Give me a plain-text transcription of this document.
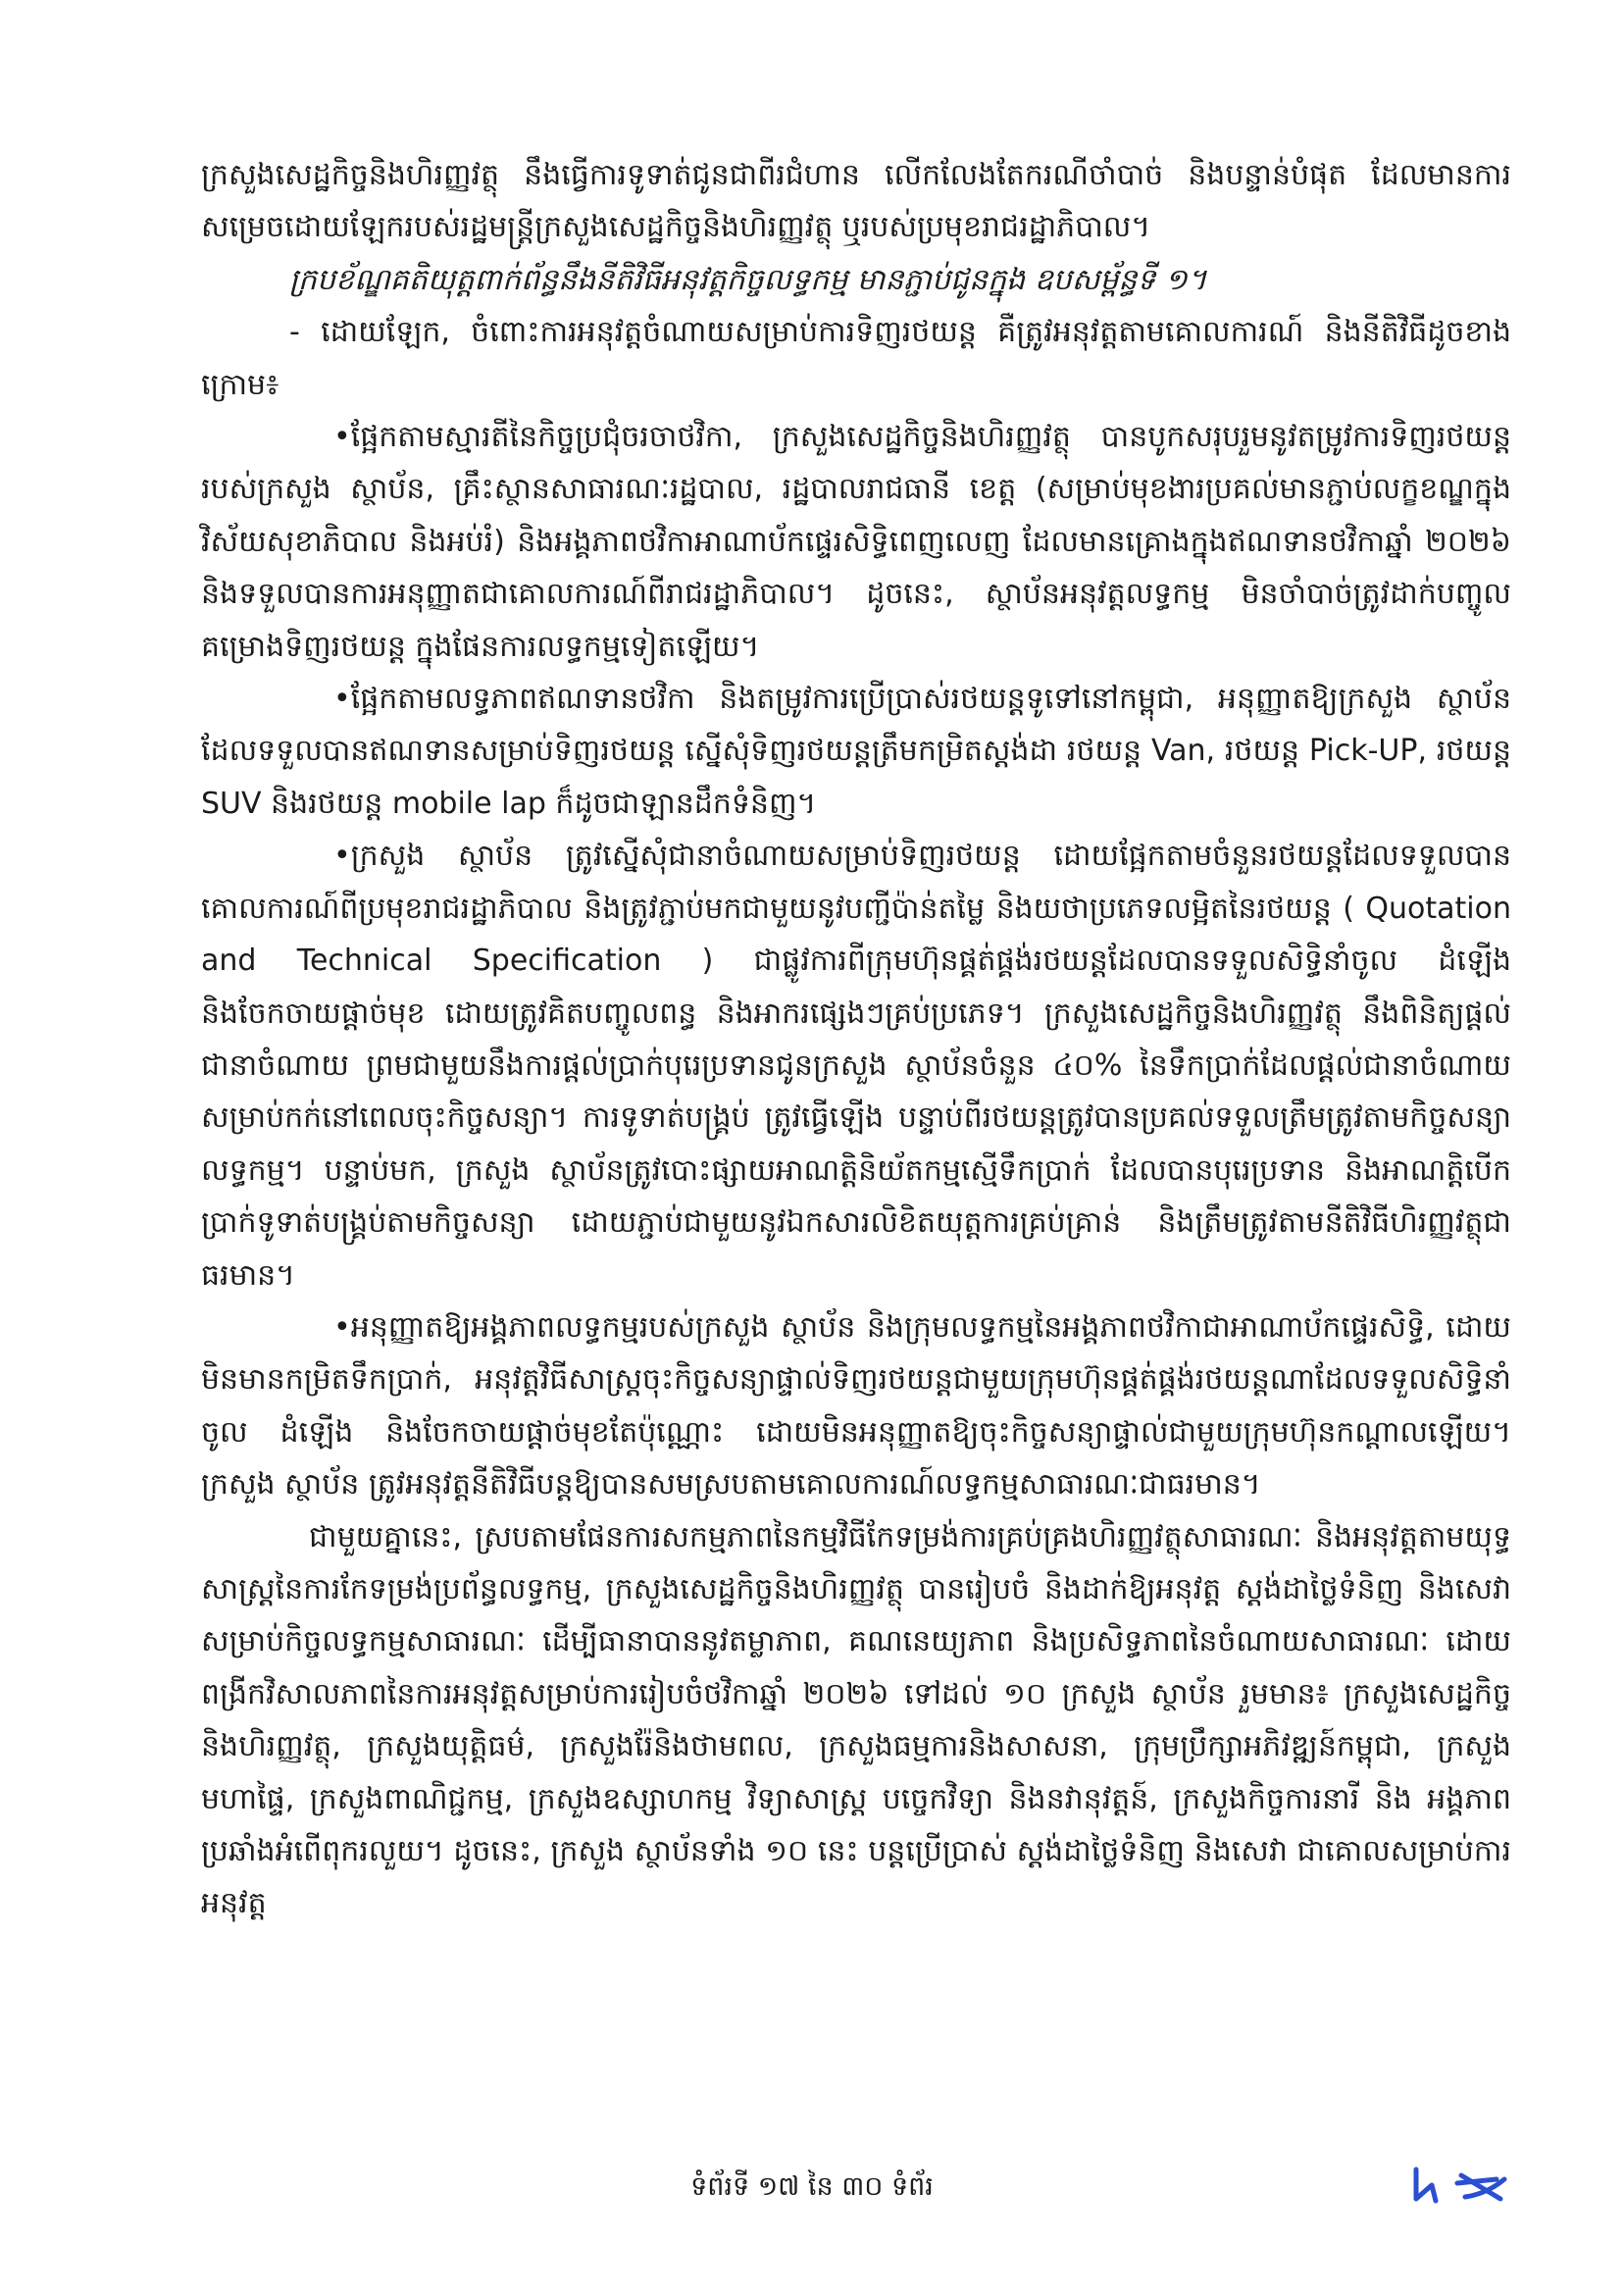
ក្រសួងសេដ្ឋកិច្ចនិងហិរញ្ញវត្ថុ នឹងធ្វើការទូទាត់ជូនជាពីរជំហាន លើកលែងតែករណីចាំបាច់ និងបន្ទាន់បំផុត ដែលមានការសម្រេចដោយឡែករបស់រដ្ឋមន្ត្រីក្រសួងសេដ្ឋកិច្ចនិងហិរញ្ញវត្ថុ ឬរបស់ប្រមុខរាជរដ្ឋាភិបាល។

ក្របខ័ណ្ឌគតិយុត្តពាក់ព័ន្ធនឹងនីតិវិធីអនុវត្តកិច្ចលទ្ធកម្ម មានភ្ជាប់ជូនក្នុង ឧបសម្ព័ន្ធទី ១។

- ដោយឡែក, ចំពោះការអនុវត្តចំណាយសម្រាប់ការទិញរថយន្ត គឺត្រូវអនុវត្តតាមគោលការណ៍ និងនីតិវិធីដូចខាងក្រោម៖

•ផ្អែកតាមស្មារតីនៃកិច្ចប្រជុំចរចាថវិកា, ក្រសួងសេដ្ឋកិច្ចនិងហិរញ្ញវត្ថុ បានបូកសរុបរួមនូវតម្រូវការទិញរថយន្តរបស់ក្រសួង ស្ថាប័ន, គ្រឹះស្ថានសាធារណៈរដ្ឋបាល, រដ្ឋបាលរាជធានី ខេត្ត (សម្រាប់មុខងារប្រគល់មានភ្ជាប់លក្ខខណ្ឌក្នុងវិស័យសុខាភិបាល និងអប់រំ) និងអង្គភាពថវិកាអាណាប័កផ្ទេរសិទ្ធិពេញលេញ ដែលមានគ្រោងក្នុងឥណទានថវិកាឆ្នាំ ២០២៦ និងទទួលបានការអនុញ្ញាតជាគោលការណ៍ពីរាជរដ្ឋាភិបាល។ ដូចនេះ, ស្ថាប័នអនុវត្តលទ្ធកម្ម មិនចាំបាច់ត្រូវដាក់បញ្ចូលគម្រោងទិញរថយន្ត ក្នុងផែនការលទ្ធកម្មទៀតឡើយ។

•ផ្អែកតាមលទ្ធភាពឥណទានថវិកា និងតម្រូវការប្រើប្រាស់រថយន្តទូទៅនៅកម្ពុជា, អនុញ្ញាតឱ្យក្រសួង ស្ថាប័នដែលទទួលបានឥណទានសម្រាប់ទិញរថយន្ត ស្នើសុំទិញរថយន្តត្រឹមកម្រិតស្តង់ដា រថយន្ត Van, រថយន្ត Pick-UP, រថយន្ត SUV និងរថយន្ត mobile lap ក៏ដូចជាឡានដឹកទំនិញ។

•ក្រសួង ស្ថាប័ន ត្រូវស្នើសុំជានាចំណាយសម្រាប់ទិញរថយន្ត ដោយផ្អែកតាមចំនួនរថយន្តដែលទទួលបានគោលការណ៍ពីប្រមុខរាជរដ្ឋាភិបាល និងត្រូវភ្ជាប់មកជាមួយនូវបញ្ជីប៉ាន់តម្លៃ និងយថាប្រភេទលម្អិតនៃរថយន្ត ( Quotation and Technical Specification ) ជាផ្លូវការពីក្រុមហ៊ុនផ្គត់ផ្គង់រថយន្តដែលបានទទួលសិទ្ធិនាំចូល ដំឡើង និងចែកចាយផ្តាច់មុខ ដោយត្រូវគិតបញ្ចូលពន្ធ និងអាករផ្សេងៗគ្រប់ប្រភេទ។ ក្រសួងសេដ្ឋកិច្ចនិងហិរញ្ញវត្ថុ នឹងពិនិត្យផ្តល់ជានាចំណាយ ព្រមជាមួយនឹងការផ្តល់ប្រាក់បុរេប្រទានជូនក្រសួង ស្ថាប័នចំនួន ៤០% នៃទឹកប្រាក់ដែលផ្តល់ជានាចំណាយសម្រាប់កក់នៅពេលចុះកិច្ចសន្យា។ ការទូទាត់បង្គ្រប់ ត្រូវធ្វើឡើង បន្ទាប់ពីរថយន្តត្រូវបានប្រគល់ទទួលត្រឹមត្រូវតាមកិច្ចសន្យាលទ្ធកម្ម។ បន្ទាប់មក, ក្រសួង ស្ថាប័នត្រូវបោះផ្សាយអាណត្តិនិយ័តកម្មស្មើទឹកប្រាក់ ដែលបានបុរេប្រទាន និងអាណត្តិបើកប្រាក់ទូទាត់បង្គ្រប់តាមកិច្ចសន្យា ដោយភ្ជាប់ជាមួយនូវឯកសារលិខិតយុត្តការគ្រប់គ្រាន់ និងត្រឹមត្រូវតាមនីតិវិធីហិរញ្ញវត្ថុជាធរមាន។

•អនុញ្ញាតឱ្យអង្គភាពលទ្ធកម្មរបស់ក្រសួង ស្ថាប័ន និងក្រុមលទ្ធកម្មនៃអង្គភាពថវិកាជាអាណាប័កផ្ទេរសិទ្ធិ, ដោយមិនមានកម្រិតទឹកប្រាក់, អនុវត្តវិធីសាស្ត្រចុះកិច្ចសន្យាផ្ទាល់ទិញរថយន្តជាមួយក្រុមហ៊ុនផ្គត់ផ្គង់រថយន្តណាដែលទទួលសិទ្ធិនាំចូល ដំឡើង និងចែកចាយផ្តាច់មុខតែប៉ុណ្ណោះ ដោយមិនអនុញ្ញាតឱ្យចុះកិច្ចសន្យាផ្ទាល់ជាមួយក្រុមហ៊ុនកណ្តាលឡើយ។ ក្រសួង ស្ថាប័ន ត្រូវអនុវត្តនីតិវិធីបន្តឱ្យបានសមស្របតាមគោលការណ៍លទ្ធកម្មសាធារណៈជាធរមាន។

ជាមួយគ្នានេះ, ស្របតាមផែនការសកម្មភាពនៃកម្មវិធីកែទម្រង់ការគ្រប់គ្រងហិរញ្ញវត្ថុសាធារណៈ និងអនុវត្តតាមយុទ្ធសាស្ត្រនៃការកែទម្រង់ប្រព័ន្ធលទ្ធកម្ម, ក្រសួងសេដ្ឋកិច្ចនិងហិរញ្ញវត្ថុ បានរៀបចំ និងដាក់ឱ្យអនុវត្ត ស្តង់ដាថ្លៃទំនិញ និងសេវា សម្រាប់កិច្ចលទ្ធកម្មសាធារណៈ ដើម្បីធានាបាននូវតម្លាភាព, គណនេយ្យភាព និងប្រសិទ្ធភាពនៃចំណាយសាធារណៈ ដោយពង្រីកវិសាលភាពនៃការអនុវត្តសម្រាប់ការរៀបចំថវិកាឆ្នាំ ២០២៦ ទៅដល់ ១០ ក្រសួង ស្ថាប័ន រួមមាន៖ ក្រសួងសេដ្ឋកិច្ចនិងហិរញ្ញវត្ថុ, ក្រសួងយុត្តិធម៌, ក្រសួងរ៉ែនិងថាមពល, ក្រសួងធម្មការនិងសាសនា, ក្រុមប្រឹក្សាអភិវឌ្ឍន៍កម្ពុជា, ក្រសួងមហាផ្ទៃ, ក្រសួងពាណិជ្ជកម្ម, ក្រសួងឧស្សាហកម្ម វិទ្យាសាស្ត្រ បច្ចេកវិទ្យា និងនវានុវត្តន៍, ក្រសួងកិច្ចការនារី និង អង្គភាពប្រឆាំងអំពើពុករលួយ។ ដូចនេះ, ក្រសួង ស្ថាប័នទាំង ១០ នេះ បន្តប្រើប្រាស់ ស្តង់ដាថ្លៃទំនិញ និងសេវា ជាគោលសម្រាប់ការអនុវត្ត

ទំព័រទី ១៧ នៃ ៣០ ទំព័រ
